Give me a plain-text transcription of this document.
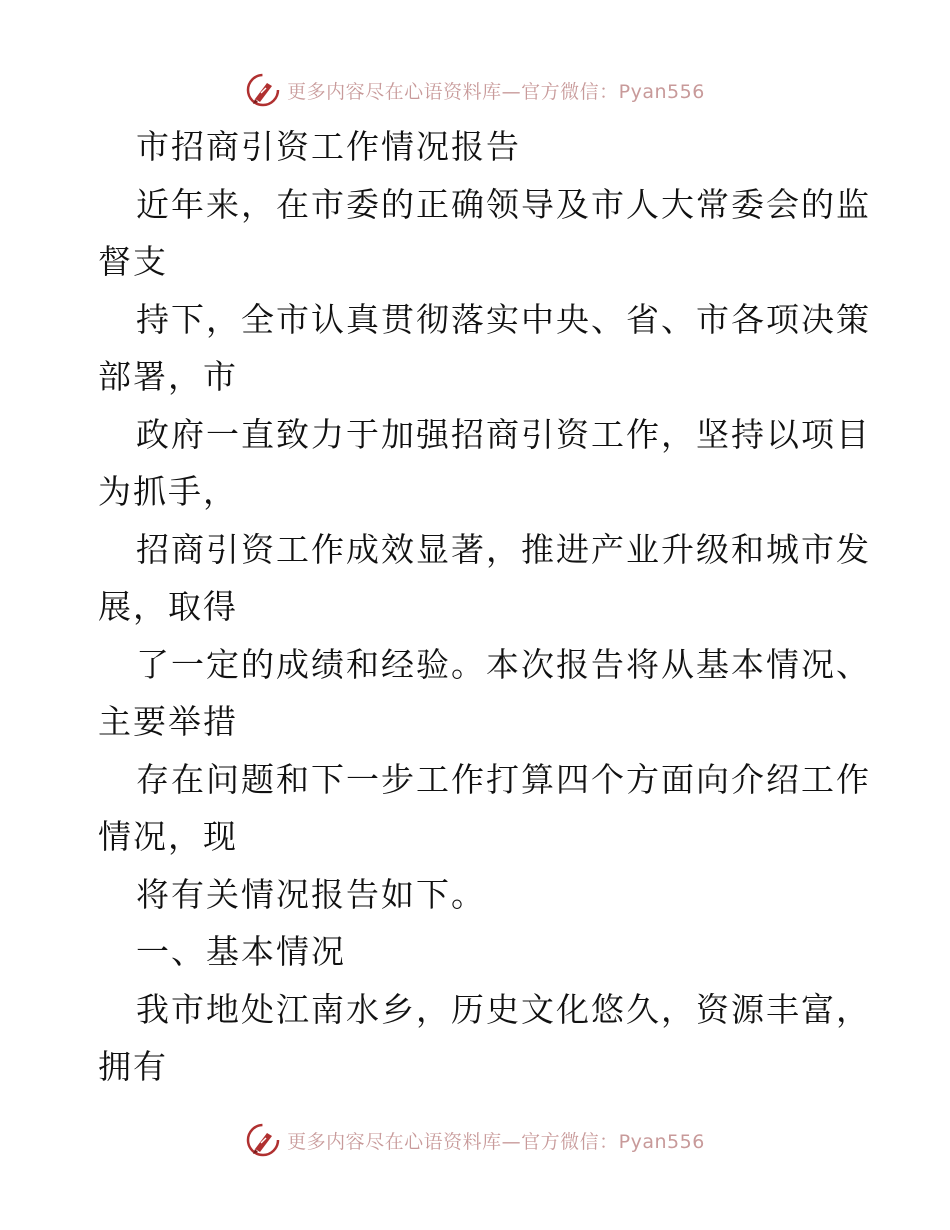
更多内容尽在心语资料库—官方微信：Pyan556
市招商引资工作情况报告
近年来，在市委的正确领导及市人大常委会的监
督支
持下，全市认真贯彻落实中央、省、市各项决策
部署，市
政府一直致力于加强招商引资工作，坚持以项目
为抓手，
招商引资工作成效显著，推进产业升级和城市发
展，取得
了一定的成绩和经验。本次报告将从基本情况、
主要举措
存在问题和下一步工作打算四个方面向介绍工作
情况，现
将有关情况报告如下。
一、基本情况
我市地处江南水乡，历史文化悠久，资源丰富，
拥有
更多内容尽在心语资料库—官方微信：Pyan556
